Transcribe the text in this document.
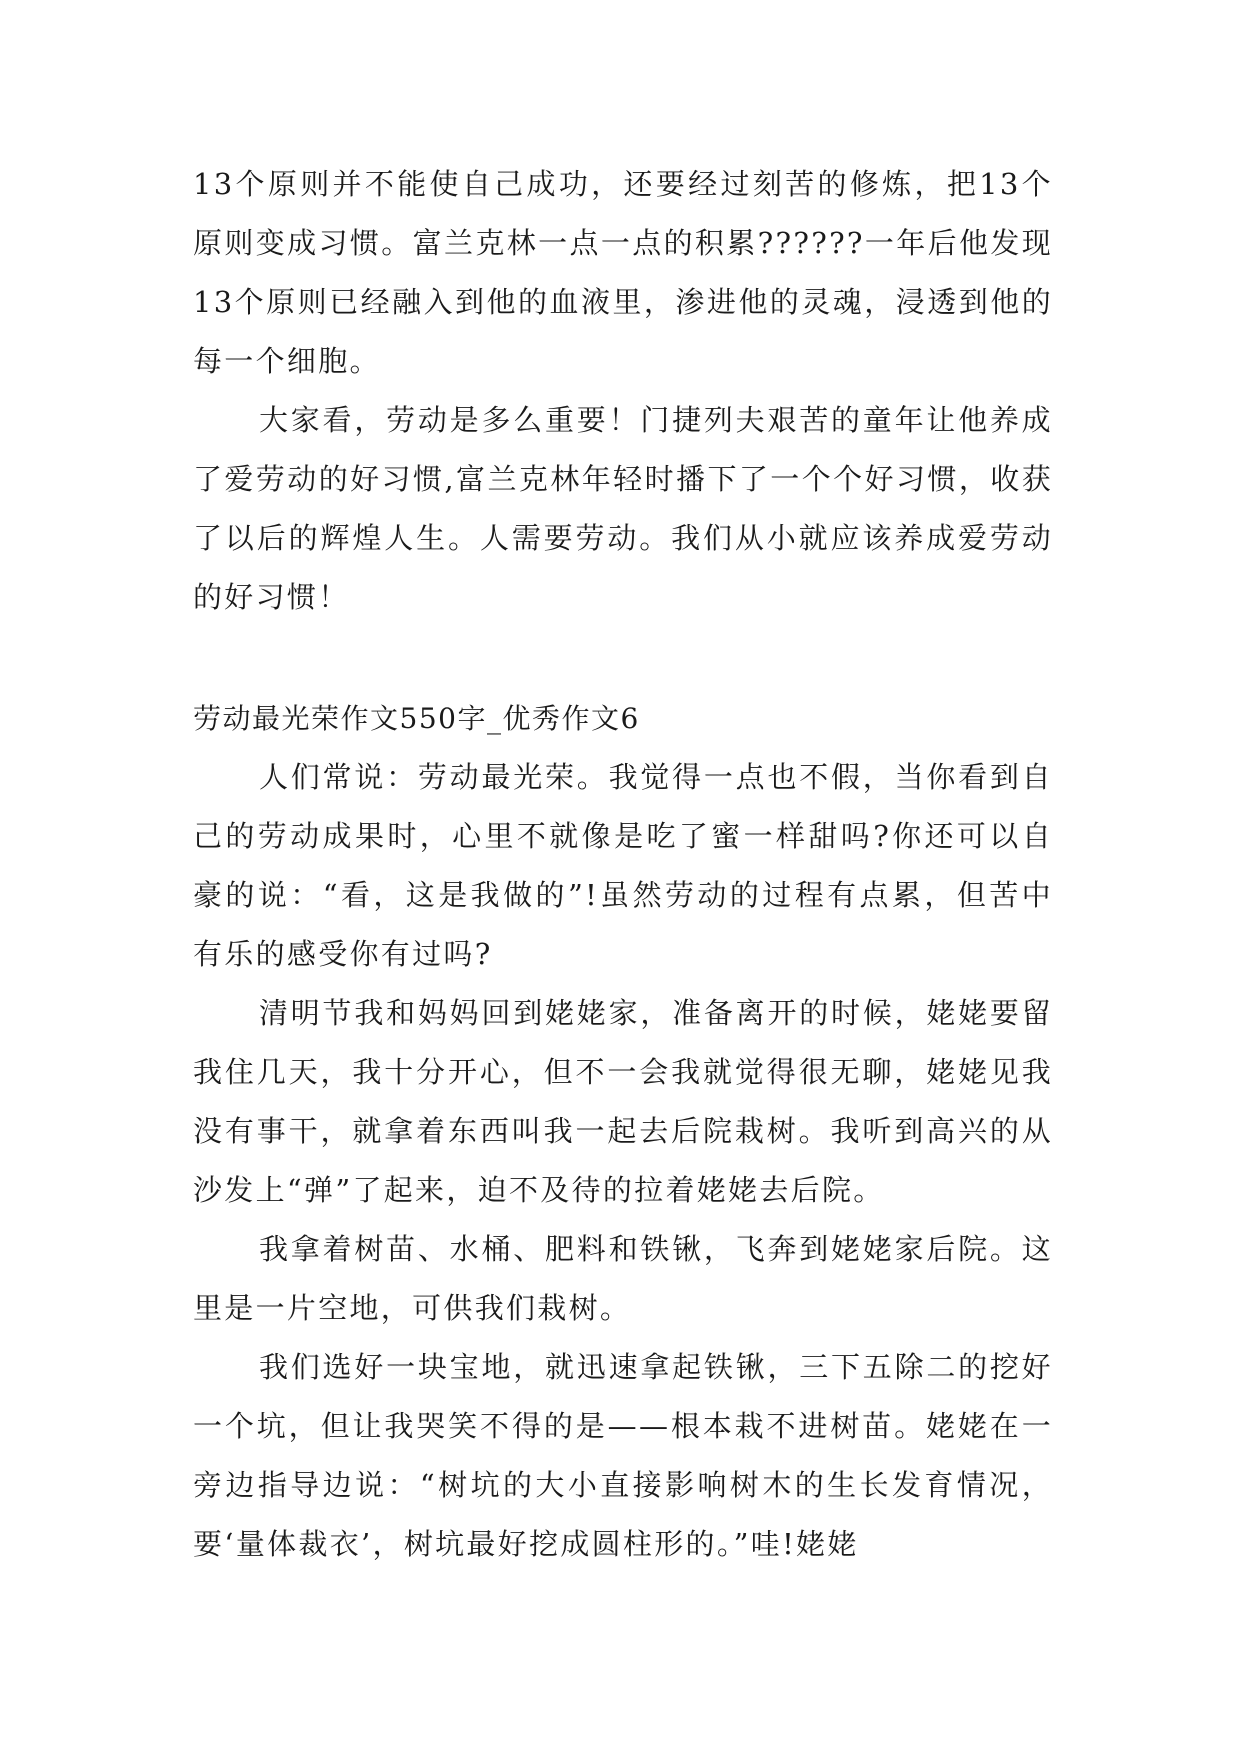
13个原则并不能使自己成功，还要经过刻苦的修炼，把13个原则变成习惯。富兰克林一点一点的积累??????一年后他发现13个原则已经融入到他的血液里，渗进他的灵魂，浸透到他的每一个细胞。

大家看，劳动是多么重要！门捷列夫艰苦的童年让他养成了爱劳动的好习惯,富兰克林年轻时播下了一个个好习惯，收获了以后的辉煌人生。人需要劳动。我们从小就应该养成爱劳动的好习惯！

劳动最光荣作文550字_优秀作文6

人们常说：劳动最光荣。我觉得一点也不假，当你看到自己的劳动成果时，心里不就像是吃了蜜一样甜吗?你还可以自豪的说：“看，这是我做的”!虽然劳动的过程有点累，但苦中有乐的感受你有过吗?

清明节我和妈妈回到姥姥家，准备离开的时候，姥姥要留我住几天，我十分开心，但不一会我就觉得很无聊，姥姥见我没有事干，就拿着东西叫我一起去后院栽树。我听到高兴的从沙发上“弹”了起来，迫不及待的拉着姥姥去后院。

我拿着树苗、水桶、肥料和铁锹，飞奔到姥姥家后院。这里是一片空地，可供我们栽树。

我们选好一块宝地，就迅速拿起铁锹，三下五除二的挖好一个坑，但让我哭笑不得的是——根本栽不进树苗。姥姥在一旁边指导边说：“树坑的大小直接影响树木的生长发育情况，要‘量体裁衣’，树坑最好挖成圆柱形的。”哇!姥姥
